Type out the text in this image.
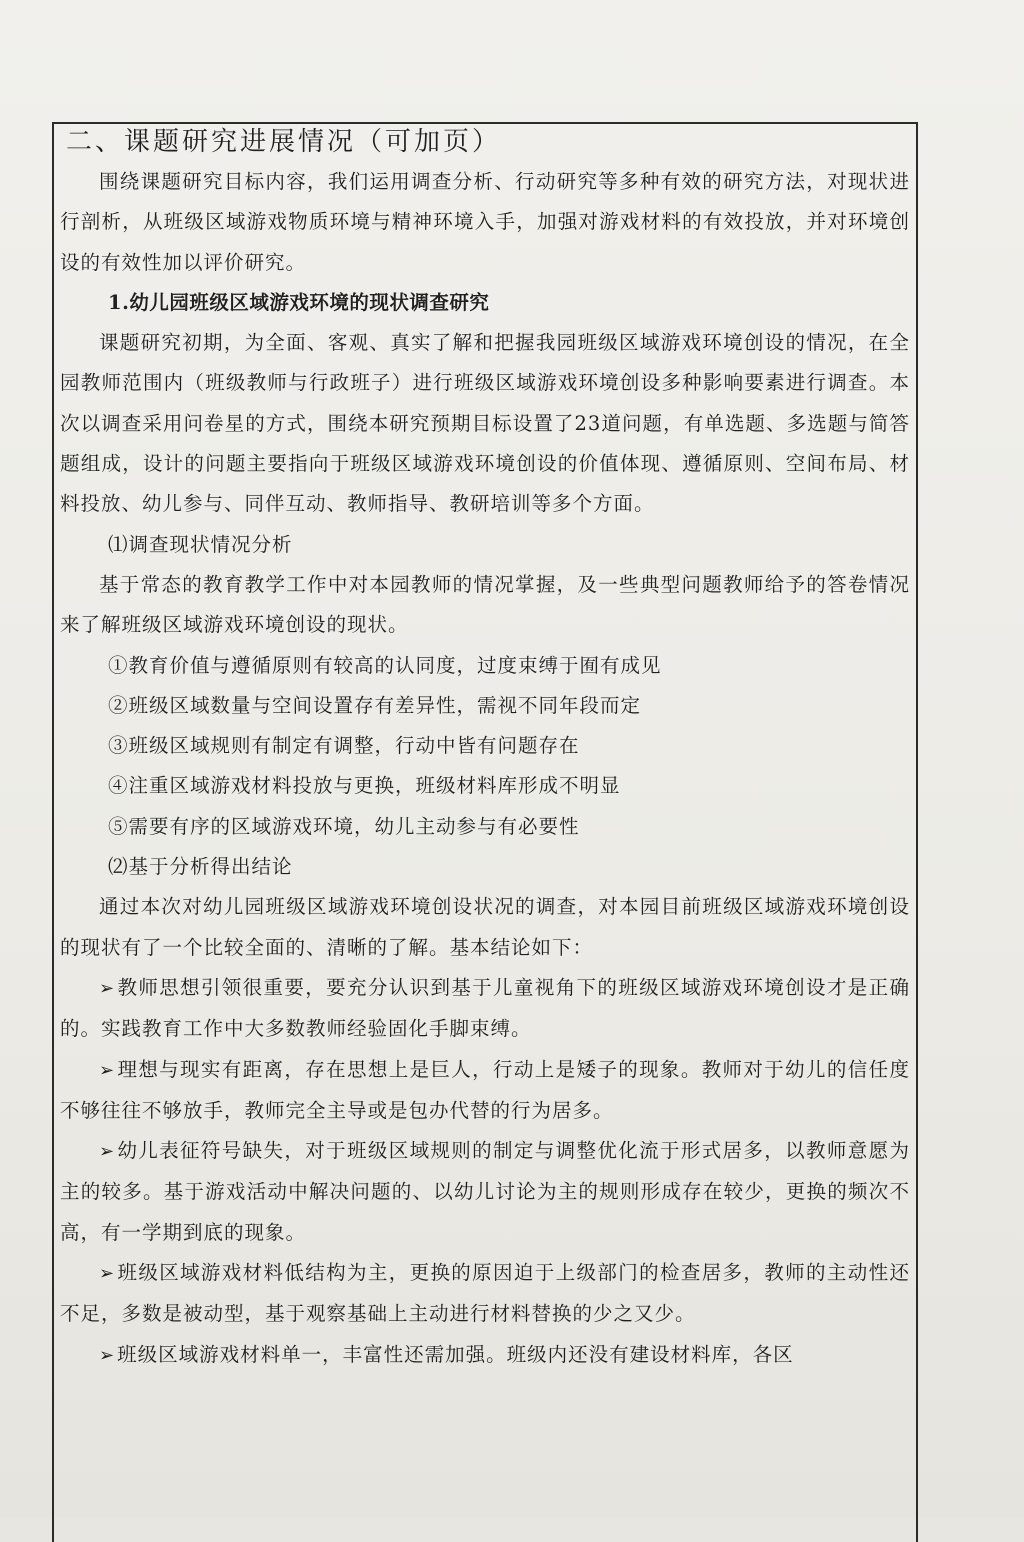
二、课题研究进展情况（可加页）

围绕课题研究目标内容，我们运用调查分析、行动研究等多种有效的研究方法，对现状进行剖析，从班级区域游戏物质环境与精神环境入手，加强对游戏材料的有效投放，并对环境创设的有效性加以评价研究。

1.幼儿园班级区域游戏环境的现状调查研究

课题研究初期，为全面、客观、真实了解和把握我园班级区域游戏环境创设的情况，在全园教师范围内（班级教师与行政班子）进行班级区域游戏环境创设多种影响要素进行调查。本次以调查采用问卷星的方式，围绕本研究预期目标设置了23道问题，有单选题、多选题与简答题组成，设计的问题主要指向于班级区域游戏环境创设的价值体现、遵循原则、空间布局、材料投放、幼儿参与、同伴互动、教师指导、教研培训等多个方面。

⑴调查现状情况分析

基于常态的教育教学工作中对本园教师的情况掌握，及一些典型问题教师给予的答卷情况来了解班级区域游戏环境创设的现状。

①教育价值与遵循原则有较高的认同度，过度束缚于囿有成见

②班级区域数量与空间设置存有差异性，需视不同年段而定

③班级区域规则有制定有调整，行动中皆有问题存在

④注重区域游戏材料投放与更换，班级材料库形成不明显

⑤需要有序的区域游戏环境，幼儿主动参与有必要性

⑵基于分析得出结论

通过本次对幼儿园班级区域游戏环境创设状况的调查，对本园目前班级区域游戏环境创设的现状有了一个比较全面的、清晰的了解。基本结论如下：

➢ 教师思想引领很重要，要充分认识到基于儿童视角下的班级区域游戏环境创设才是正确的。实践教育工作中大多数教师经验固化手脚束缚。

➢ 理想与现实有距离，存在思想上是巨人，行动上是矮子的现象。教师对于幼儿的信任度不够往往不够放手，教师完全主导或是包办代替的行为居多。

➢ 幼儿表征符号缺失，对于班级区域规则的制定与调整优化流于形式居多，以教师意愿为主的较多。基于游戏活动中解决问题的、以幼儿讨论为主的规则形成存在较少，更换的频次不高，有一学期到底的现象。

➢ 班级区域游戏材料低结构为主，更换的原因迫于上级部门的检查居多，教师的主动性还不足，多数是被动型，基于观察基础上主动进行材料替换的少之又少。

➢ 班级区域游戏材料单一，丰富性还需加强。班级内还没有建设材料库，各区
